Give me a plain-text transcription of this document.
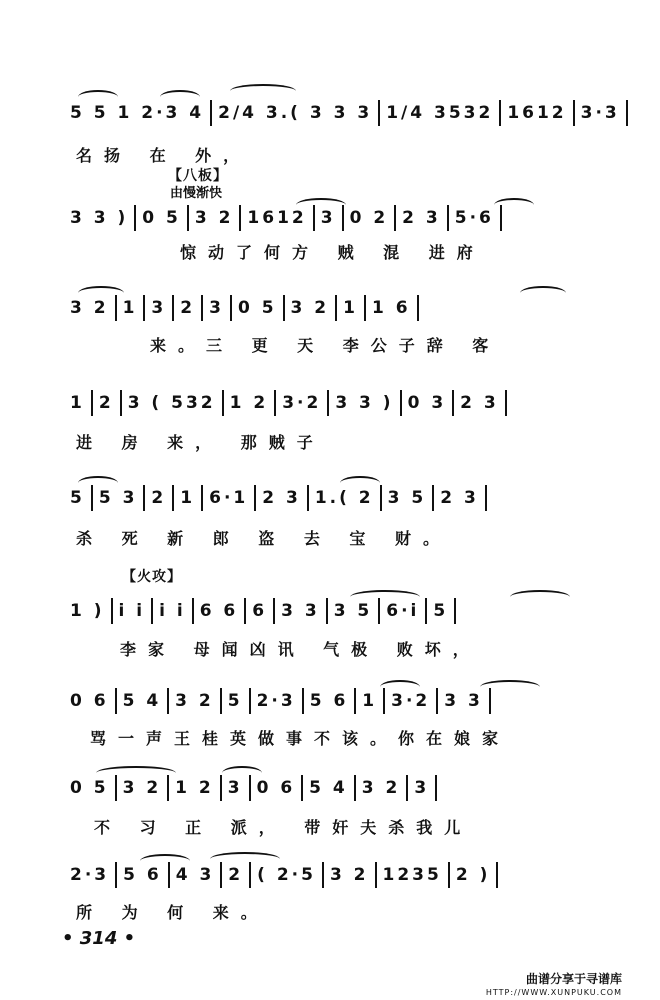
5 5 1 2·3 4 2/4 3.( 3 3 3 1/4 3532 1612 3·3
名扬 在 外，
【八板】
由慢渐快
3 3 ) 0 5 3 2 1612 3 0 2 2 3 5·6
惊动了何方 贼 混 进府
3 2 1 3 2 3 0 5 3 2 1 1 6
来。三 更 天 李公子辞 客
1 2 3 ( 532 1 2 3·2 3 3 ) 0 3 2 3
进 房 来， 那贼子
5 5 3 2 1 6·1 2 3 1.( 2 3 5 2 3
杀 死 新 郎 盗 去 宝 财。
【火攻】
1 ) i i i i 6 6 6 3 3 3 5 6·i 5
李家 母闻凶讯 气极 败坏，
0 6 5 4 3 2 5 2·3 5 6 1 3·2 3 3
骂一声王桂英做事不该。你在娘家
0 5 3 2 1 2 3 0 6 5 4 3 2 3
不 习 正 派， 带奸夫杀我儿
2·3 5 6 4 3 2 ( 2·5 3 2 1235 2 )
所 为 何 来。
• 314 •
曲谱分享于寻谱库
HTTP://WWW.XUNPUKU.COM
